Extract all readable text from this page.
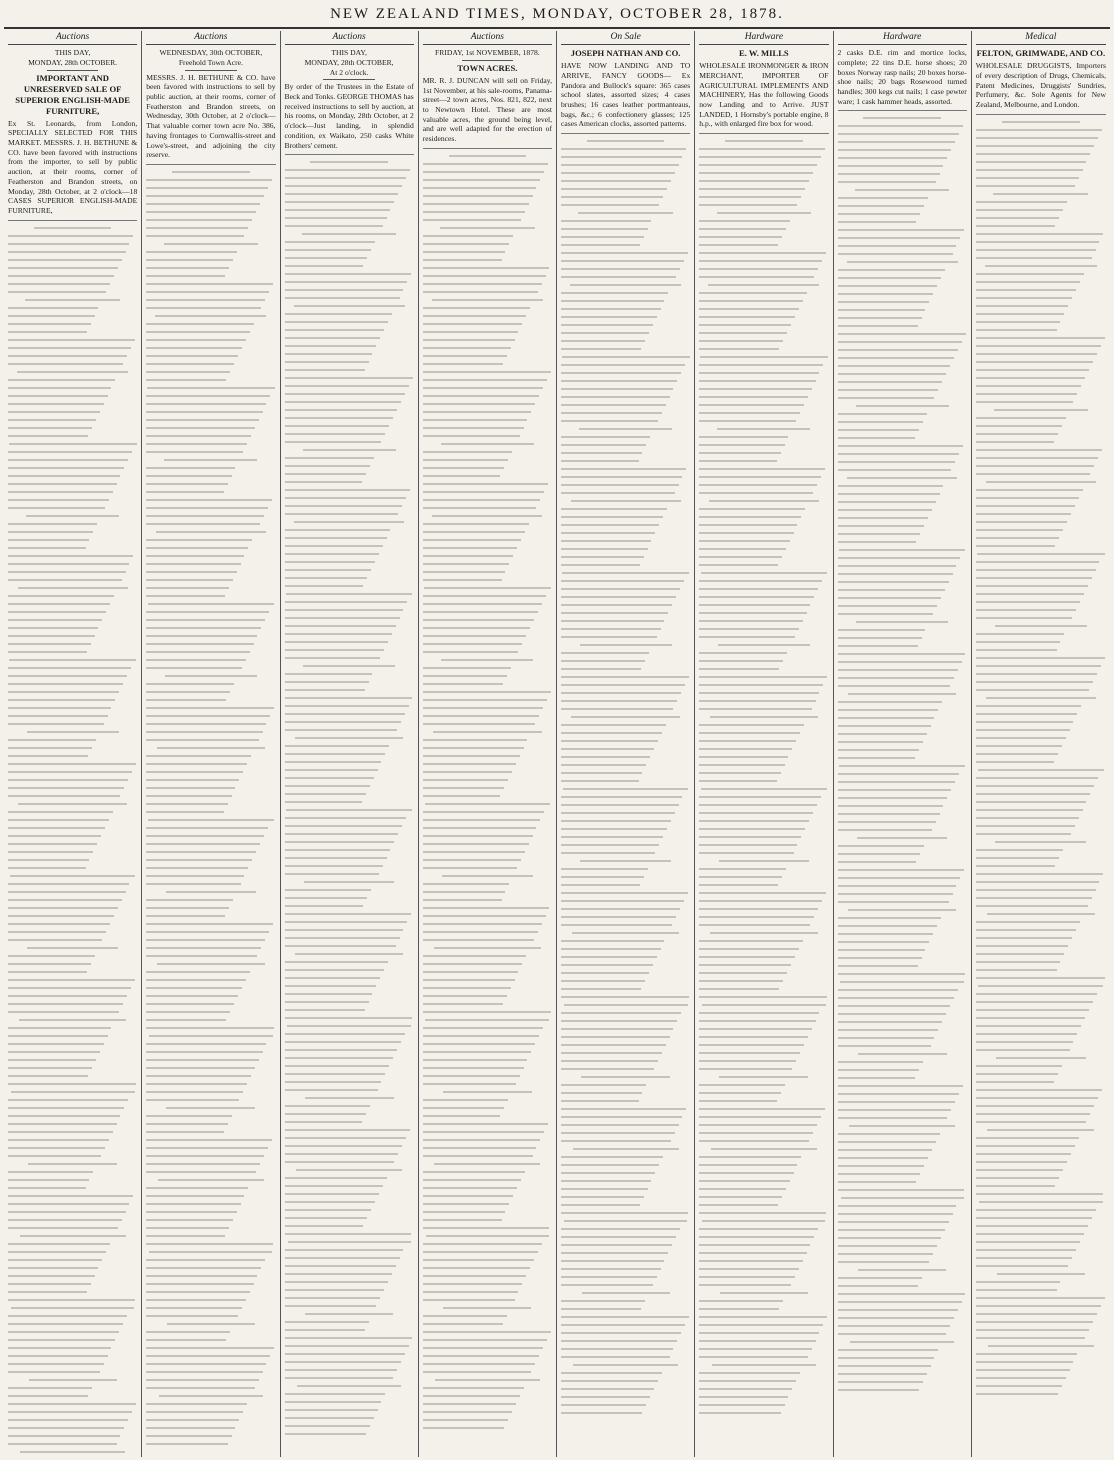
NEW ZEALAND TIMES, MONDAY, OCTOBER 28, 1878.
Auctions
THIS DAY,
MONDAY, 28th OCTOBER.
IMPORTANT AND UNRESERVED SALE OF SUPERIOR ENGLISH-MADE FURNITURE,
Ex St. Leonards, from London, SPECIALLY SELECTED FOR THIS MARKET. MESSRS. J. H. BETHUNE & CO. have been favored with instructions from the importer, to sell by public auction, at their rooms, corner of Featherston and Brandon streets, on Monday, 28th October, at 2 o'clock—18 CASES SUPERIOR ENGLISH-MADE FURNITURE,
Auctions
WEDNESDAY, 30th OCTOBER,
Freehold Town Acre.
MESSRS. J. H. BETHUNE & CO. have been favored with instructions to sell by public auction, at their rooms, corner of Featherston and Brandon streets, on Wednesday, 30th October, at 2 o'clock—That valuable corner town acre No. 386, having frontages to Cornwallis-street and Lowe's-street, and adjoining the city reserve.
Auctions
THIS DAY,
MONDAY, 28th OCTOBER,
At 2 o'clock.
By order of the Trustees in the Estate of Beck and Tonks. GEORGE THOMAS has received instructions to sell by auction, at his rooms, on Monday, 28th October, at 2 o'clock—Just landing, in splendid condition, ex Waikato, 250 casks White Brothers' cement.
Auctions
FRIDAY, 1st NOVEMBER, 1878.
TOWN ACRES.
MR. R. J. DUNCAN will sell on Friday, 1st November, at his sale-rooms, Panama-street—2 town acres, Nos. 821, 822, next to Newtown Hotel. These are most valuable acres, the ground being level, and are well adapted for the erection of residences.
On Sale
JOSEPH NATHAN AND CO.
HAVE NOW LANDING AND TO ARRIVE, FANCY GOODS— Ex Pandora and Bullock's square: 365 cases school slates, assorted sizes; 4 cases brushes; 16 cases leather portmanteaus, bags, &c.; 6 confectionery glasses; 125 cases American clocks, assorted patterns.
Hardware
E. W. MILLS
WHOLESALE IRONMONGER & IRON MERCHANT, IMPORTER OF AGRICULTURAL IMPLEMENTS AND MACHINERY, Has the following Goods now Landing and to Arrive. JUST LANDED, 1 Hornsby's portable engine, 8 h.p., with enlarged fire box for wood.
Hardware
2 casks D.E. rim and mortice locks, complete; 22 tins D.E. horse shoes; 20 boxes Norway rasp nails; 20 boxes horse-shoe nails; 20 bags Rosewood turned handles; 300 kegs cut nails; 1 case pewter ware; 1 cask hammer heads, assorted.
Medical
FELTON, GRIMWADE, AND CO.
WHOLESALE DRUGGISTS, Importers of every description of Drugs, Chemicals, Patent Medicines, Druggists' Sundries, Perfumery, &c. Sole Agents for New Zealand, Melbourne, and London.
